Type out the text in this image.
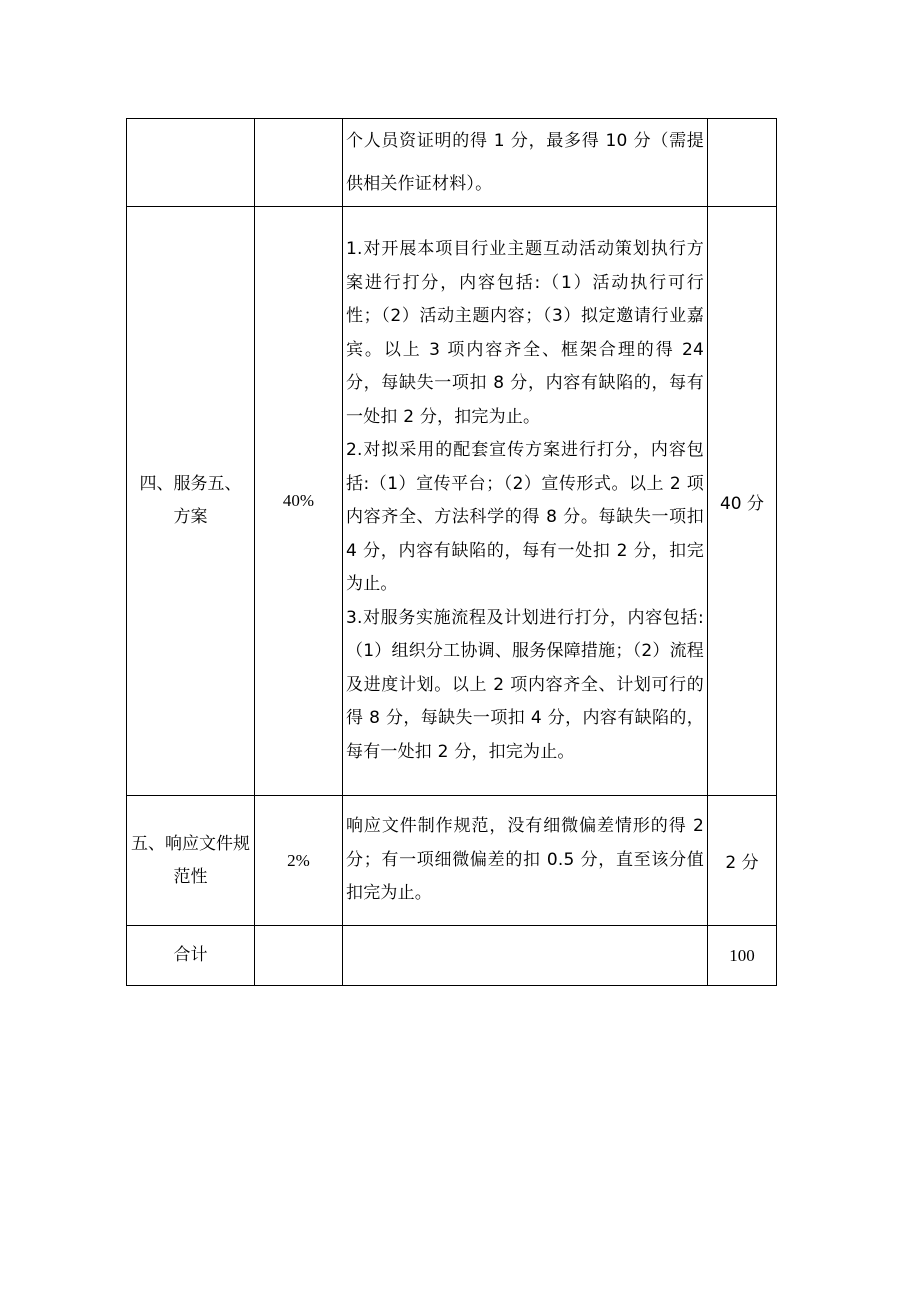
		个人员资证明的得 1 分，最多得 10 分（需提供相关作证材料）。	

四、服务五、方案	40%	1.对开展本项目行业主题互动活动策划执行方案进行打分，内容包括:（1）活动执行可行性；（2）活动主题内容；（3）拟定邀请行业嘉宾。以上 3 项内容齐全、框架合理的得 24 分，每缺失一项扣 8 分，内容有缺陷的，每有一处扣 2 分，扣完为止。

2.对拟采用的配套宣传方案进行打分，内容包括:（1）宣传平台；（2）宣传形式。以上 2 项内容齐全、方法科学的得 8 分。每缺失一项扣 4 分，内容有缺陷的，每有一处扣 2 分，扣完为止。

3.对服务实施流程及计划进行打分，内容包括:（1）组织分工协调、服务保障措施；（2）流程及进度计划。以上 2 项内容齐全、计划可行的得 8 分，每缺失一项扣 4 分，内容有缺陷的，每有一处扣 2 分，扣完为止。	40 分
五、响应文件规范性	2%	响应文件制作规范，没有细微偏差情形的得 2 分；有一项细微偏差的扣 0.5 分，直至该分值扣完为止。	2 分
合计			100
